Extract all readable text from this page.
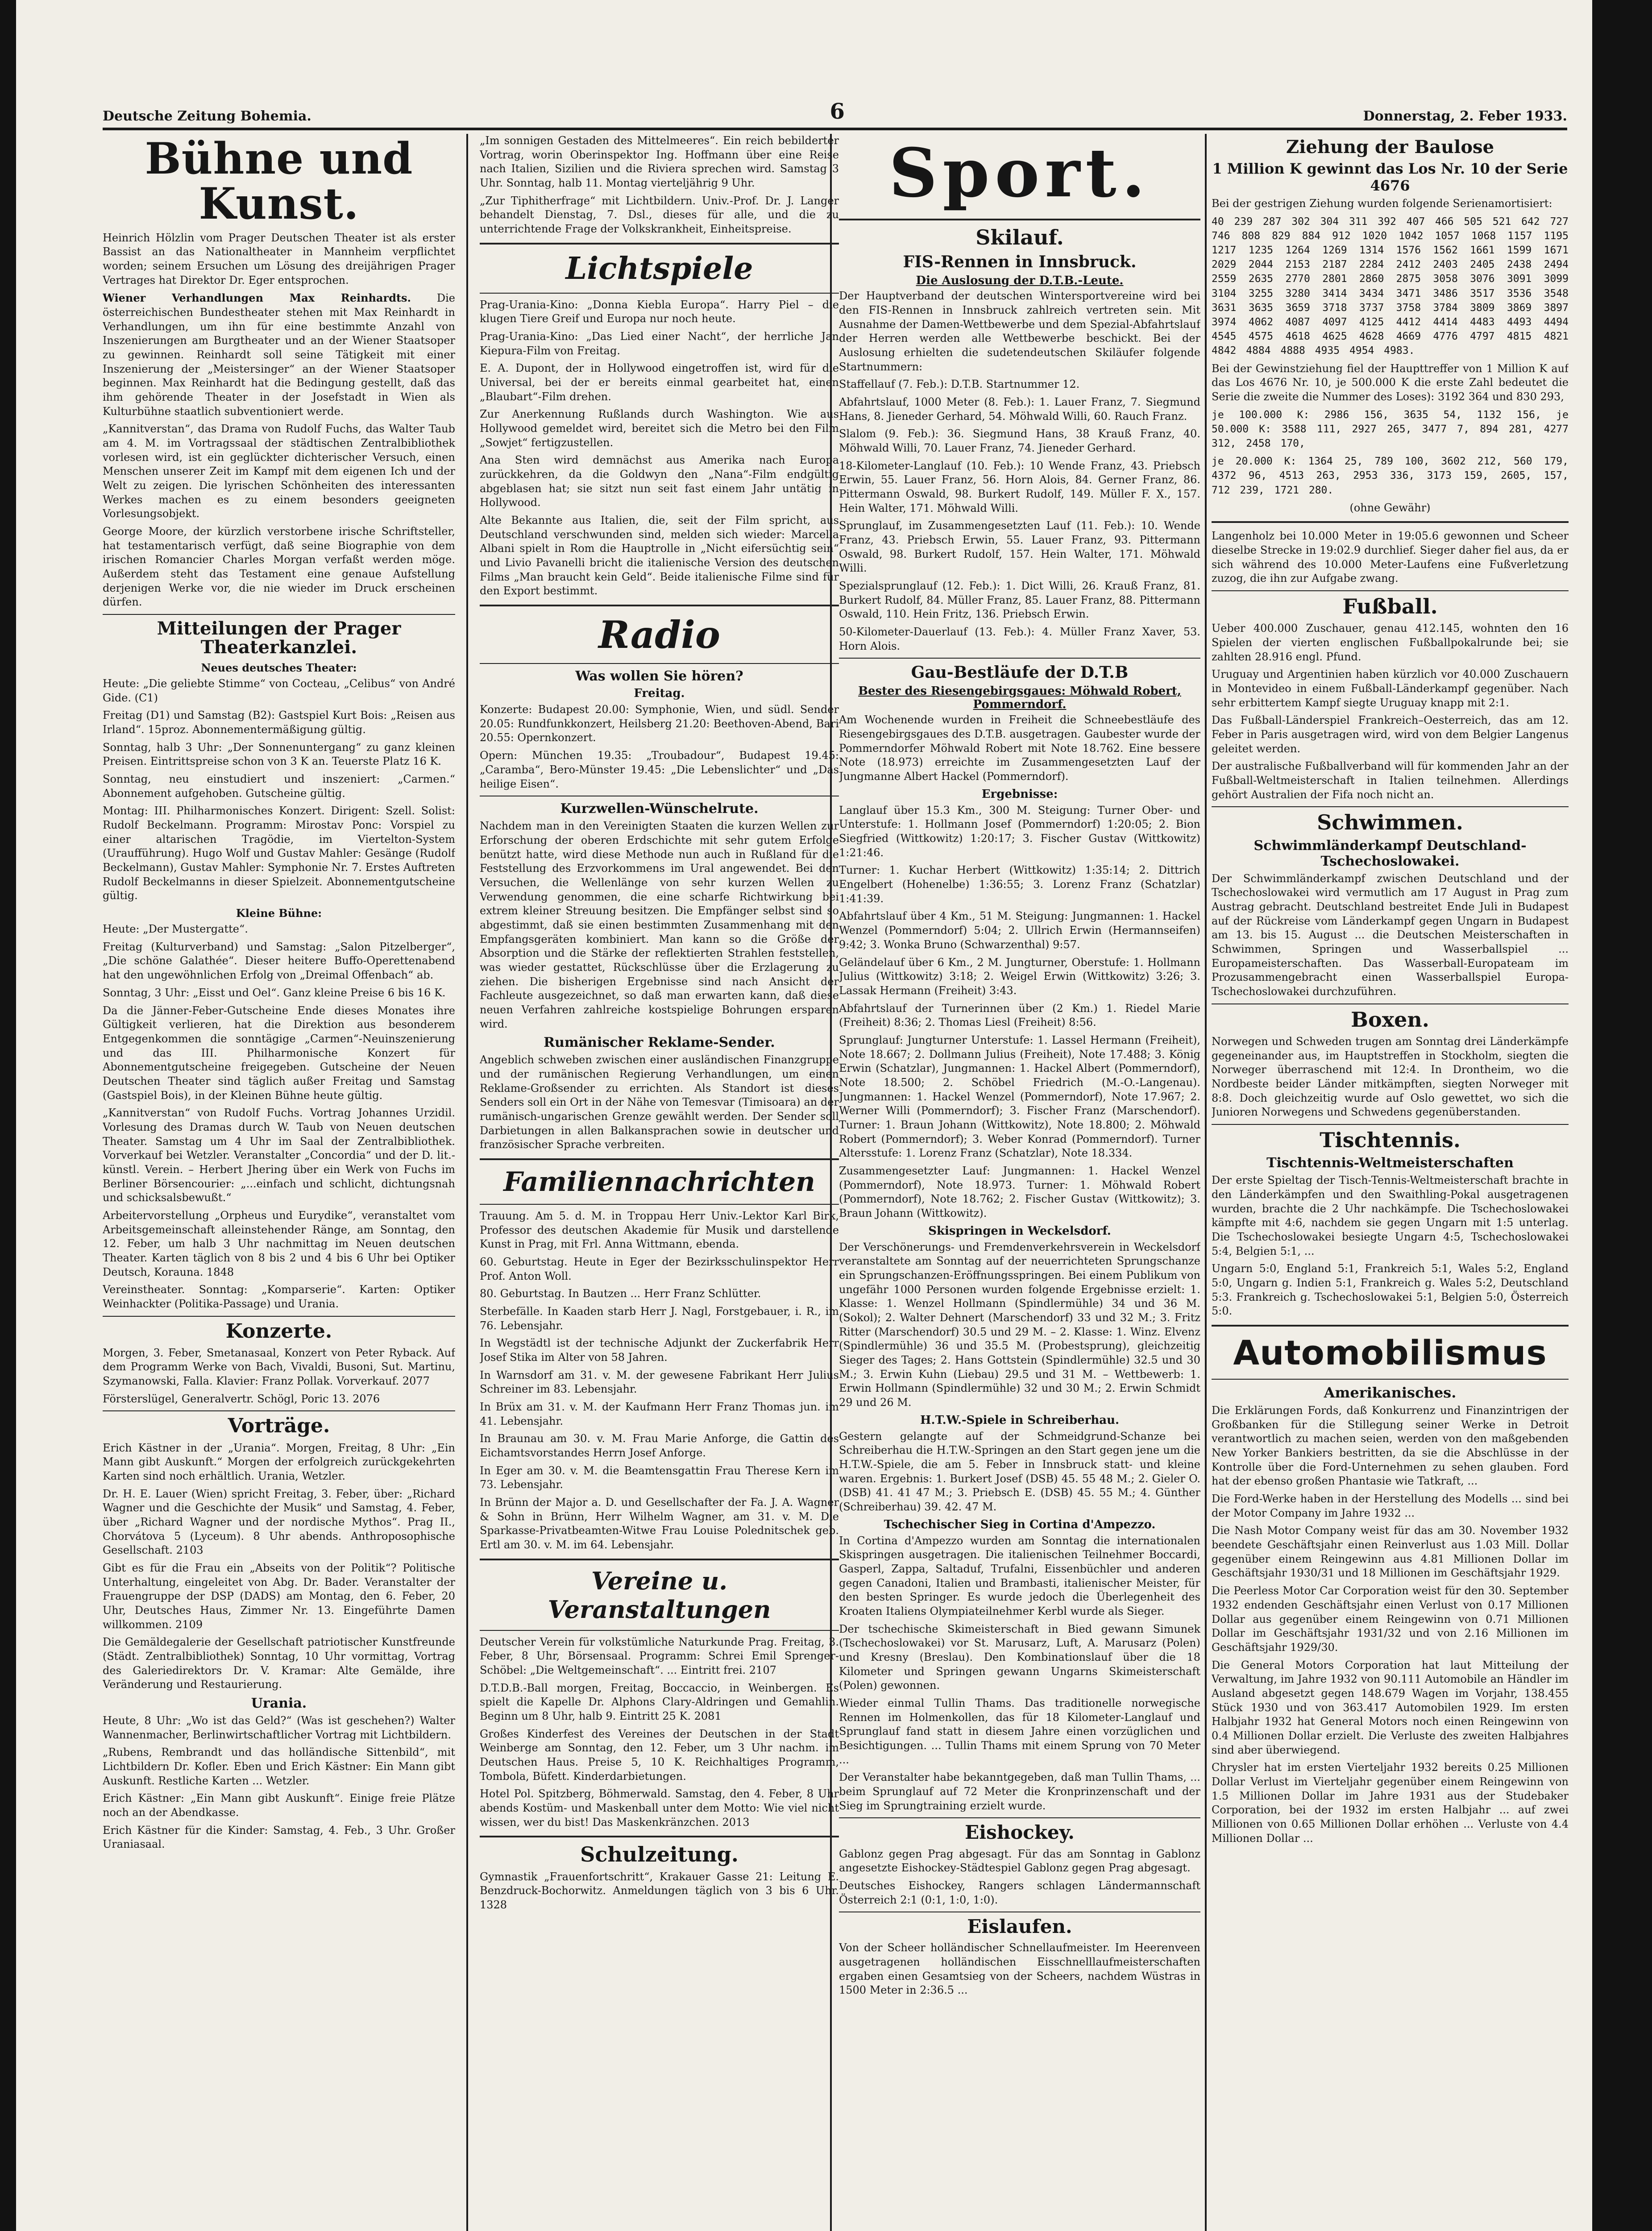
Deutsche Zeitung Bohemia.	6	Donnerstag, 2. Feber 1933.
Bühne und Kunst.

Heinrich Hölzlin vom Prager Deutschen Theater ist als erster Bassist an das Nationaltheater in Mannheim verpflichtet worden; seinem Ersuchen um Lösung des dreijährigen Prager Vertrages hat Direktor Dr. Eger entsprochen.

Wiener Verhandlungen Max Reinhardts. Die österreichischen Bundestheater stehen mit Max Reinhardt in Verhandlungen, um ihn für eine bestimmte Anzahl von Inszenierungen am Burgtheater und an der Wiener Staatsoper zu gewinnen. Reinhardt soll seine Tätigkeit mit einer Inszenierung der „Meistersinger“ an der Wiener Staatsoper beginnen. Max Reinhardt hat die Bedingung gestellt, daß das ihm gehörende Theater in der Josefstadt in Wien als Kulturbühne staatlich subventioniert werde.

„Kannitverstan“, das Drama von Rudolf Fuchs, das Walter Taub am 4. M. im Vortragssaal der städtischen Zentralbibliothek vorlesen wird, ist ein geglückter dichterischer Versuch, einen Menschen unserer Zeit im Kampf mit dem eigenen Ich und der Welt zu zeigen. Die lyrischen Schönheiten des interessanten Werkes machen es zu einem besonders geeigneten Vorlesungsobjekt.

George Moore, der kürzlich verstorbene irische Schriftsteller, hat testamentarisch verfügt, daß seine Biographie von dem irischen Romancier Charles Morgan verfaßt werden möge. Außerdem steht das Testament eine genaue Aufstellung derjenigen Werke vor, die nie wieder im Druck erscheinen dürfen.

Mitteilungen der Prager Theaterkanzlei.
Neues deutsches Theater:

Heute: „Die geliebte Stimme“ von Cocteau, „Celibus“ von André Gide. (C1)

Freitag (D1) und Samstag (B2): Gastspiel Kurt Bois: „Reisen aus Irland“. 15proz. Abonnementermäßigung gültig.

Sonntag, halb 3 Uhr: „Der Sonnenuntergang“ zu ganz kleinen Preisen. Eintrittspreise schon von 3 K an. Teuerste Platz 16 K.

Sonntag, neu einstudiert und inszeniert: „Carmen.“ Abonnement aufgehoben. Gutscheine gültig.

Montag: III. Philharmonisches Konzert. Dirigent: Szell. Solist: Rudolf Beckelmann. Programm: Mirostav Ponc: Vorspiel zu einer altarischen Tragödie, im Viertelton-System (Uraufführung). Hugo Wolf und Gustav Mahler: Gesänge (Rudolf Beckelmann), Gustav Mahler: Symphonie Nr. 7. Erstes Auftreten Rudolf Beckelmanns in dieser Spielzeit. Abonnementgutscheine gültig.

Kleine Bühne:

Heute: „Der Mustergatte“.

Freitag (Kulturverband) und Samstag: „Salon Pitzelberger“, „Die schöne Galathée“. Dieser heitere Buffo-Operettenabend hat den ungewöhnlichen Erfolg von „Dreimal Offenbach“ ab.

Sonntag, 3 Uhr: „Eisst und Oel“. Ganz kleine Preise 6 bis 16 K.

Da die Jänner-Feber-Gutscheine Ende dieses Monates ihre Gültigkeit verlieren, hat die Direktion aus besonderem Entgegenkommen die sonntägige „Carmen“-Neuinszenierung und das III. Philharmonische Konzert für Abonnementgutscheine freigegeben. Gutscheine der Neuen Deutschen Theater sind täglich außer Freitag und Samstag (Gastspiel Bois), in der Kleinen Bühne heute gültig.

„Kannitverstan“ von Rudolf Fuchs. Vortrag Johannes Urzidil. Vorlesung des Dramas durch W. Taub von Neuen deutschen Theater. Samstag um 4 Uhr im Saal der Zentralbibliothek. Vorverkauf bei Wetzler. Veranstalter „Concordia“ und der D. lit.-künstl. Verein. – Herbert Jhering über ein Werk von Fuchs im Berliner Börsencourier: „...einfach und schlicht, dichtungsnah und schicksalsbewußt.“

Arbeitervorstellung „Orpheus und Eurydike“, veranstaltet vom Arbeitsgemeinschaft alleinstehender Ränge, am Sonntag, den 12. Feber, um halb 3 Uhr nachmittag im Neuen deutschen Theater. Karten täglich von 8 bis 2 und 4 bis 6 Uhr bei Optiker Deutsch, Korauna. 1848

Vereinstheater. Sonntag: „Komparserie“. Karten: Optiker Weinhackter (Politika-Passage) und Urania.

Konzerte.

Morgen, 3. Feber, Smetanasaal, Konzert von Peter Ryback. Auf dem Programm Werke von Bach, Vivaldi, Busoni, Sut. Martinu, Szymanowski, Falla. Klavier: Franz Pollak. Vorverkauf. 2077

Försterslügel, Generalvertr. Schögl, Poric 13. 2076

Vorträge.

Erich Kästner in der „Urania“. Morgen, Freitag, 8 Uhr: „Ein Mann gibt Auskunft.“ Morgen der erfolgreich zurückgekehrten Karten sind noch erhältlich. Urania, Wetzler.

Dr. H. E. Lauer (Wien) spricht Freitag, 3. Feber, über: „Richard Wagner und die Geschichte der Musik“ und Samstag, 4. Feber, über „Richard Wagner und der nordische Mythos“. Prag II., Chorvátova 5 (Lyceum). 8 Uhr abends. Anthroposophische Gesellschaft. 2103

Gibt es für die Frau ein „Abseits von der Politik“? Politische Unterhaltung, eingeleitet von Abg. Dr. Bader. Veranstalter der Frauengruppe der DSP (DADS) am Montag, den 6. Feber, 20 Uhr, Deutsches Haus, Zimmer Nr. 13. Eingeführte Damen willkommen. 2109

Die Gemäldegalerie der Gesellschaft patriotischer Kunstfreunde (Städt. Zentralbibliothek) Sonntag, 10 Uhr vormittag, Vortrag des Galeriedirektors Dr. V. Kramar: Alte Gemälde, ihre Veränderung und Restaurierung.

Urania.

Heute, 8 Uhr: „Wo ist das Geld?“ (Was ist geschehen?) Walter Wannenmacher, Berlinwirtschaftlicher Vortrag mit Lichtbildern.

„Rubens, Rembrandt und das holländische Sittenbild“, mit Lichtbildern Dr. Kofler. Eben und Erich Kästner: Ein Mann gibt Auskunft. Restliche Karten ... Wetzler.

Erich Kästner: „Ein Mann gibt Auskunft“. Einige freie Plätze noch an der Abendkasse.

Erich Kästner für die Kinder: Samstag, 4. Feb., 3 Uhr. Großer Uraniasaal.

„Im sonnigen Gestaden des Mittelmeeres“. Ein reich bebilderter Vortrag, worin Oberinspektor Ing. Hoffmann über eine Reise nach Italien, Sizilien und die Riviera sprechen wird. Samstag 3 Uhr. Sonntag, halb 11. Montag vierteljährig 9 Uhr.

„Zur Tiphitherfrage“ mit Lichtbildern. Univ.-Prof. Dr. J. Langer behandelt Dienstag, 7. Dsl., dieses für alle, und die zu unterrichtende Frage der Volkskrankheit, Einheitspreise.

Lichtspiele

Prag-Urania-Kino: „Donna Kiebla Europa“. Harry Piel – die klugen Tiere Greif und Europa nur noch heute.

Prag-Urania-Kino: „Das Lied einer Nacht“, der herrliche Jan Kiepura-Film von Freitag.

E. A. Dupont, der in Hollywood eingetroffen ist, wird für die Universal, bei der er bereits einmal gearbeitet hat, einen „Blaubart“-Film drehen.

Zur Anerkennung Rußlands durch Washington. Wie aus Hollywood gemeldet wird, bereitet sich die Metro bei den Film „Sowjet“ fertigzustellen.

Ana Sten wird demnächst aus Amerika nach Europa zurückkehren, da die Goldwyn den „Nana“-Film endgültig abgeblasen hat; sie sitzt nun seit fast einem Jahr untätig in Hollywood.

Alte Bekannte aus Italien, die, seit der Film spricht, aus Deutschland verschwunden sind, melden sich wieder: Marcella Albani spielt in Rom die Hauptrolle in „Nicht eifersüchtig sein“ und Livio Pavanelli bricht die italienische Version des deutschen Films „Man braucht kein Geld“. Beide italienische Filme sind für den Export bestimmt.

Radio
Was wollen Sie hören?
Freitag.

Konzerte: Budapest 20.00: Symphonie, Wien, und südl. Sender 20.05: Rundfunkkonzert, Heilsberg 21.20: Beethoven-Abend, Bari 20.55: Opernkonzert.

Opern: München 19.35: „Troubadour“, Budapest 19.45: „Caramba“, Bero-Münster 19.45: „Die Lebenslichter“ und „Das heilige Eisen“.

Kurzwellen-Wünschelrute.

Nachdem man in den Vereinigten Staaten die kurzen Wellen zur Erforschung der oberen Erdschichte mit sehr gutem Erfolge benützt hatte, wird diese Methode nun auch in Rußland für die Feststellung des Erzvorkommens im Ural angewendet. Bei den Versuchen, die Wellenlänge von sehr kurzen Wellen zu Verwendung genommen, die eine scharfe Richtwirkung bei extrem kleiner Streuung besitzen. Die Empfänger selbst sind so abgestimmt, daß sie einen bestimmten Zusammenhang mit den Empfangsgeräten kombiniert. Man kann so die Größe der Absorption und die Stärke der reflektierten Strahlen feststellen, was wieder gestattet, Rückschlüsse über die Erzlagerung zu ziehen. Die bisherigen Ergebnisse sind nach Ansicht der Fachleute ausgezeichnet, so daß man erwarten kann, daß diese neuen Verfahren zahlreiche kostspielige Bohrungen ersparen wird.

Rumänischer Reklame-Sender.

Angeblich schweben zwischen einer ausländischen Finanzgruppe und der rumänischen Regierung Verhandlungen, um einen Reklame-Großsender zu errichten. Als Standort ist dieses Senders soll ein Ort in der Nähe von Temesvar (Timisoara) an der rumänisch-ungarischen Grenze gewählt werden. Der Sender soll Darbietungen in allen Balkansprachen sowie in deutscher und französischer Sprache verbreiten.

Familiennachrichten

Trauung. Am 5. d. M. in Troppau Herr Univ.-Lektor Karl Birk, Professor des deutschen Akademie für Musik und darstellende Kunst in Prag, mit Frl. Anna Wittmann, ebenda.

60. Geburtstag. Heute in Eger der Bezirksschulinspektor Herr Prof. Anton Woll.

80. Geburtstag. In Bautzen ... Herr Franz Schlütter.

Sterbefälle. In Kaaden starb Herr J. Nagl, Forstgebauer, i. R., im 76. Lebensjahr.

In Wegstädtl ist der technische Adjunkt der Zuckerfabrik Herr Josef Stika im Alter von 58 Jahren.

In Warnsdorf am 31. v. M. der gewesene Fabrikant Herr Julius Schreiner im 83. Lebensjahr.

In Brüx am 31. v. M. der Kaufmann Herr Franz Thomas jun. im 41. Lebensjahr.

In Braunau am 30. v. M. Frau Marie Anforge, die Gattin des Eichamtsvorstandes Herrn Josef Anforge.

In Eger am 30. v. M. die Beamtensgattin Frau Therese Kern im 73. Lebensjahr.

In Brünn der Major a. D. und Gesellschafter der Fa. J. A. Wagner & Sohn in Brünn, Herr Wilhelm Wagner, am 31. v. M. Die Sparkasse-Privatbeamten-Witwe Frau Louise Polednitschek geb. Ertl am 30. v. M. im 64. Lebensjahr.

Vereine u. Veranstaltungen

Deutscher Verein für volkstümliche Naturkunde Prag. Freitag, 3. Feber, 8 Uhr, Börsensaal. Programm: Schrei Emil Sprenger-Schöbel: „Die Weltgemeinschaft“. ... Eintritt frei. 2107

D.T.D.B.-Ball morgen, Freitag, Boccaccio, in Weinbergen. Es spielt die Kapelle Dr. Alphons Clary-Aldringen und Gemahlin. Beginn um 8 Uhr, halb 9. Eintritt 25 K. 2081

Großes Kinderfest des Vereines der Deutschen in der Stadt Weinberge am Sonntag, den 12. Feber, um 3 Uhr nachm. im Deutschen Haus. Preise 5, 10 K. Reichhaltiges Programm, Tombola, Büfett. Kinderdarbietungen.

Hotel Pol. Spitzberg, Böhmerwald. Samstag, den 4. Feber, 8 Uhr abends Kostüm- und Maskenball unter dem Motto: Wie viel nicht wissen, wer du bist! Das Maskenkränzchen. 2013

Schulzeitung.

Gymnastik „Frauenfortschritt“, Krakauer Gasse 21: Leitung E. Benzdruck-Bochorwitz. Anmeldungen täglich von 3 bis 6 Uhr. 1328

Sport.
Skilauf.
FIS-Rennen in Innsbruck.
Die Auslosung der D.T.B.-Leute.

Der Hauptverband der deutschen Wintersportvereine wird bei den FIS-Rennen in Innsbruck zahlreich vertreten sein. Mit Ausnahme der Damen-Wettbewerbe und dem Spezial-Abfahrtslauf der Herren werden alle Wettbewerbe beschickt. Bei der Auslosung erhielten die sudetendeutschen Skiläufer folgende Startnummern:

Staffellauf (7. Feb.): D.T.B. Startnummer 12.

Abfahrtslauf, 1000 Meter (8. Feb.): 1. Lauer Franz, 7. Siegmund Hans, 8. Jieneder Gerhard, 54. Möhwald Willi, 60. Rauch Franz.

Slalom (9. Feb.): 36. Siegmund Hans, 38 Krauß Franz, 40. Möhwald Willi, 70. Lauer Franz, 74. Jieneder Gerhard.

18-Kilometer-Langlauf (10. Feb.): 10 Wende Franz, 43. Priebsch Erwin, 55. Lauer Franz, 56. Horn Alois, 84. Gerner Franz, 86. Pittermann Oswald, 98. Burkert Rudolf, 149. Müller F. X., 157. Hein Walter, 171. Möhwald Willi.

Sprunglauf, im Zusammengesetzten Lauf (11. Feb.): 10. Wende Franz, 43. Priebsch Erwin, 55. Lauer Franz, 93. Pittermann Oswald, 98. Burkert Rudolf, 157. Hein Walter, 171. Möhwald Willi.

Spezialsprunglauf (12. Feb.): 1. Dict Willi, 26. Krauß Franz, 81. Burkert Rudolf, 84. Müller Franz, 85. Lauer Franz, 88. Pittermann Oswald, 110. Hein Fritz, 136. Priebsch Erwin.

50-Kilometer-Dauerlauf (13. Feb.): 4. Müller Franz Xaver, 53. Horn Alois.

Gau-Bestläufe der D.T.B
Bester des Riesengebirgsgaues: Möhwald Robert, Pommerndorf.

Am Wochenende wurden in Freiheit die Schneebestläufe des Riesengebirgsgaues des D.T.B. ausgetragen. Gaubester wurde der Pommerndorfer Möhwald Robert mit Note 18.762. Eine bessere Note (18.973) erreichte im Zusammengesetzten Lauf der Jungmanne Albert Hackel (Pommerndorf).

Ergebnisse:

Langlauf über 15.3 Km., 300 M. Steigung: Turner Ober- und Unterstufe: 1. Hollmann Josef (Pommerndorf) 1:20:05; 2. Bion Siegfried (Wittkowitz) 1:20:17; 3. Fischer Gustav (Wittkowitz) 1:21:46.

Turner: 1. Kuchar Herbert (Wittkowitz) 1:35:14; 2. Dittrich Engelbert (Hohenelbe) 1:36:55; 3. Lorenz Franz (Schatzlar) 1:41:39.

Abfahrtslauf über 4 Km., 51 M. Steigung: Jungmannen: 1. Hackel Wenzel (Pommerndorf) 5:04; 2. Ullrich Erwin (Hermannseifen) 9:42; 3. Wonka Bruno (Schwarzenthal) 9:57.

Geländelauf über 6 Km., 2 M. Jungturner, Oberstufe: 1. Hollmann Julius (Wittkowitz) 3:18; 2. Weigel Erwin (Wittkowitz) 3:26; 3. Lassak Hermann (Freiheit) 3:43.

Abfahrtslauf der Turnerinnen über (2 Km.) 1. Riedel Marie (Freiheit) 8:36; 2. Thomas Liesl (Freiheit) 8:56.

Sprunglauf: Jungturner Unterstufe: 1. Lassel Hermann (Freiheit), Note 18.667; 2. Dollmann Julius (Freiheit), Note 17.488; 3. König Erwin (Schatzlar), Jungmannen: 1. Hackel Albert (Pommerndorf), Note 18.500; 2. Schöbel Friedrich (M.-O.-Langenau). Jungmannen: 1. Hackel Wenzel (Pommerndorf), Note 17.967; 2. Werner Willi (Pommerndorf); 3. Fischer Franz (Marschendorf). Turner: 1. Braun Johann (Wittkowitz), Note 18.800; 2. Möhwald Robert (Pommerndorf); 3. Weber Konrad (Pommerndorf). Turner Altersstufe: 1. Lorenz Franz (Schatzlar), Note 18.334.

Zusammengesetzter Lauf: Jungmannen: 1. Hackel Wenzel (Pommerndorf), Note 18.973. Turner: 1. Möhwald Robert (Pommerndorf), Note 18.762; 2. Fischer Gustav (Wittkowitz); 3. Braun Johann (Wittkowitz).

Skispringen in Weckelsdorf.

Der Verschönerungs- und Fremdenverkehrsverein in Weckelsdorf veranstaltete am Sonntag auf der neuerrichteten Sprungschanze ein Sprungschanzen-Eröffnungsspringen. Bei einem Publikum von ungefähr 1000 Personen wurden folgende Ergebnisse erzielt: 1. Klasse: 1. Wenzel Hollmann (Spindlermühle) 34 und 36 M. (Sokol); 2. Walter Dehnert (Marschendorf) 33 und 32 M.; 3. Fritz Ritter (Marschendorf) 30.5 und 29 M. – 2. Klasse: 1. Winz. Elvenz (Spindlermühle) 36 und 35.5 M. (Probestsprung), gleichzeitig Sieger des Tages; 2. Hans Gottstein (Spindlermühle) 32.5 und 30 M.; 3. Erwin Kuhn (Liebau) 29.5 und 31 M. – Wettbewerb: 1. Erwin Hollmann (Spindlermühle) 32 und 30 M.; 2. Erwin Schmidt 29 und 26 M.

H.T.W.-Spiele in Schreiberhau.

Gestern gelangte auf der Schmeidgrund-Schanze bei Schreiberhau die H.T.W.-Springen an den Start gegen jene um die H.T.W.-Spiele, die am 5. Feber in Innsbruck statt- und kleine waren. Ergebnis: 1. Burkert Josef (DSB) 45. 55 48 M.; 2. Gieler O. (DSB) 41. 41 47 M.; 3. Priebsch E. (DSB) 45. 55 M.; 4. Günther (Schreiberhau) 39. 42. 47 M.

Tschechischer Sieg in Cortina d'Ampezzo.

In Cortina d'Ampezzo wurden am Sonntag die internationalen Skispringen ausgetragen. Die italienischen Teilnehmer Boccardi, Gasperl, Zappa, Saltaduf, Trufalni, Eissenbüchler und anderen gegen Canadoni, Italien und Brambasti, italienischer Meister, für den besten Springer. Es wurde jedoch die Überlegenheit des Kroaten Italiens Olympiateilnehmer Kerbl wurde als Sieger.

Der tschechische Skimeisterschaft in Bied gewann Simunek (Tschechoslowakei) vor St. Marusarz, Luft, A. Marusarz (Polen) und Kresny (Breslau). Den Kombinationslauf über die 18 Kilometer und Springen gewann Ungarns Skimeisterschaft (Polen) gewonnen.

Wieder einmal Tullin Thams. Das traditionelle norwegische Rennen im Holmenkollen, das für 18 Kilometer-Langlauf und Sprunglauf fand statt in diesem Jahre einen vorzüglichen und Besichtigungen. ... Tullin Thams mit einem Sprung von 70 Meter ...

Der Veranstalter habe bekanntgegeben, daß man Tullin Thams, ... beim Sprunglauf auf 72 Meter die Kronprinzenschaft und der Sieg im Sprungtraining erzielt wurde.

Eishockey.

Gablonz gegen Prag abgesagt. Für das am Sonntag in Gablonz angesetzte Eishockey-Städtespiel Gablonz gegen Prag abgesagt.

Deutsches Eishockey, Rangers schlagen Ländermannschaft Österreich 2:1 (0:1, 1:0, 1:0).

Eislaufen.

Von der Scheer holländischer Schnellaufmeister. Im Heerenveen ausgetragenen holländischen Eisschnelllaufmeisterschaften ergaben einen Gesamtsieg von der Scheers, nachdem Wüstras in 1500 Meter in 2:36.5 ...

Ziehung der Baulose
1 Million K gewinnt das Los Nr. 10 der Serie 4676

Bei der gestrigen Ziehung wurden folgende Serienamortisiert:

40 239 287 302 304 311 392 407 466 505 521 642 727 746 808 829 884 912 1020 1042 1057 1068 1157 1195 1217 1235 1264 1269 1314 1576 1562 1661 1599 1671 2029 2044 2153 2187 2284 2412 2403 2405 2438 2494 2559 2635 2770 2801 2860 2875 3058 3076 3091 3099 3104 3255 3280 3414 3434 3471 3486 3517 3536 3548 3631 3635 3659 3718 3737 3758 3784 3809 3869 3897 3974 4062 4087 4097 4125 4412 4414 4483 4493 4494 4545 4575 4618 4625 4628 4669 4776 4797 4815 4821 4842 4884 4888 4935 4954 4983.

Bei der Gewinstziehung fiel der Haupttreffer von 1 Million K auf das Los 4676 Nr. 10, je 500.000 K die erste Zahl bedeutet die Serie die zweite die Nummer des Loses): 3192 364 und 830 293,

je 100.000 K: 2986 156, 3635 54, 1132 156, je 50.000 K: 3588 111, 2927 265, 3477 7, 894 281, 4277 312, 2458 170,

je 20.000 K: 1364 25, 789 100, 3602 212, 560 179, 4372 96, 4513 263, 2953 336, 3173 159, 2605, 157, 712 239, 1721 280.

(ohne Gewähr)

Langenholz bei 10.000 Meter in 19:05.6 gewonnen und Scheer dieselbe Strecke in 19:02.9 durchlief. Sieger daher fiel aus, da er sich während des 10.000 Meter-Laufens eine Fußverletzung zuzog, die ihn zur Aufgabe zwang.

Fußball.

Ueber 400.000 Zuschauer, genau 412.145, wohnten den 16 Spielen der vierten englischen Fußballpokalrunde bei; sie zahlten 28.916 engl. Pfund.

Uruguay und Argentinien haben kürzlich vor 40.000 Zuschauern in Montevideo in einem Fußball-Länderkampf gegenüber. Nach sehr erbittertem Kampf siegte Uruguay knapp mit 2:1.

Das Fußball-Länderspiel Frankreich–Oesterreich, das am 12. Feber in Paris ausgetragen wird, wird von dem Belgier Langenus geleitet werden.

Der australische Fußballverband will für kommenden Jahr an der Fußball-Weltmeisterschaft in Italien teilnehmen. Allerdings gehört Australien der Fifa noch nicht an.

Schwimmen.
Schwimmländerkampf Deutschland-Tschechoslowakei.

Der Schwimmländerkampf zwischen Deutschland und der Tschechoslowakei wird vermutlich am 17 August in Prag zum Austrag gebracht. Deutschland bestreitet Ende Juli in Budapest auf der Rückreise vom Länderkampf gegen Ungarn in Budapest am 13. bis 15. August ... die Deutschen Meisterschaften in Schwimmen, Springen und Wasserballspiel ... Europameisterschaften. Das Wasserball-Europateam im Prozusammengebracht einen Wasserballspiel Europa-Tschechoslowakei durchzuführen.

Boxen.

Norwegen und Schweden trugen am Sonntag drei Länderkämpfe gegeneinander aus, im Hauptstreffen in Stockholm, siegten die Norweger überraschend mit 12:4. In Drontheim, wo die Nordbeste beider Länder mitkämpften, siegten Norweger mit 8:8. Doch gleichzeitig wurde auf Oslo gewettet, wo sich die Junioren Norwegens und Schwedens gegenüberstanden.

Tischtennis.
Tischtennis-Weltmeisterschaften

Der erste Spieltag der Tisch-Tennis-Weltmeisterschaft brachte in den Länderkämpfen und den Swaithling-Pokal ausgetragenen wurden, brachte die 2 Uhr nachkämpfe. Die Tschechoslowakei kämpfte mit 4:6, nachdem sie gegen Ungarn mit 1:5 unterlag. Die Tschechoslowakei besiegte Ungarn 4:5, Tschechoslowakei 5:4, Belgien 5:1, ...

Ungarn 5:0, England 5:1, Frankreich 5:1, Wales 5:2, England 5:0, Ungarn g. Indien 5:1, Frankreich g. Wales 5:2, Deutschland 5:3. Frankreich g. Tschechoslowakei 5:1, Belgien 5:0, Österreich 5:0.

Automobilismus
Amerikanisches.

Die Erklärungen Fords, daß Konkurrenz und Finanzintrigen der Großbanken für die Stillegung seiner Werke in Detroit verantwortlich zu machen seien, werden von den maßgebenden New Yorker Bankiers bestritten, da sie die Abschlüsse in der Kontrolle über die Ford-Unternehmen zu sehen glauben. Ford hat der ebenso großen Phantasie wie Tatkraft, ...

Die Ford-Werke haben in der Herstellung des Modells ... sind bei der Motor Company im Jahre 1932 ...

Die Nash Motor Company weist für das am 30. November 1932 beendete Geschäftsjahr einen Reinverlust aus 1.03 Mill. Dollar gegenüber einem Reingewinn aus 4.81 Millionen Dollar im Geschäftsjahr 1930/31 und 18 Millionen im Geschäftsjahr 1929.

Die Peerless Motor Car Corporation weist für den 30. September 1932 endenden Geschäftsjahr einen Verlust von 0.17 Millionen Dollar aus gegenüber einem Reingewinn von 0.71 Millionen Dollar im Geschäftsjahr 1931/32 und von 2.16 Millionen im Geschäftsjahr 1929/30.

Die General Motors Corporation hat laut Mitteilung der Verwaltung, im Jahre 1932 von 90.111 Automobile an Händler im Ausland abgesetzt gegen 148.679 Wagen im Vorjahr, 138.455 Stück 1930 und von 363.417 Automobilen 1929. Im ersten Halbjahr 1932 hat General Motors noch einen Reingewinn von 0.4 Millionen Dollar erzielt. Die Verluste des zweiten Halbjahres sind aber überwiegend.

Chrysler hat im ersten Vierteljahr 1932 bereits 0.25 Millionen Dollar Verlust im Vierteljahr gegenüber einem Reingewinn von 1.5 Millionen Dollar im Jahre 1931 aus der Studebaker Corporation, bei der 1932 im ersten Halbjahr ... auf zwei Millionen von 0.65 Millionen Dollar erhöhen ... Verluste von 4.4 Millionen Dollar ...
